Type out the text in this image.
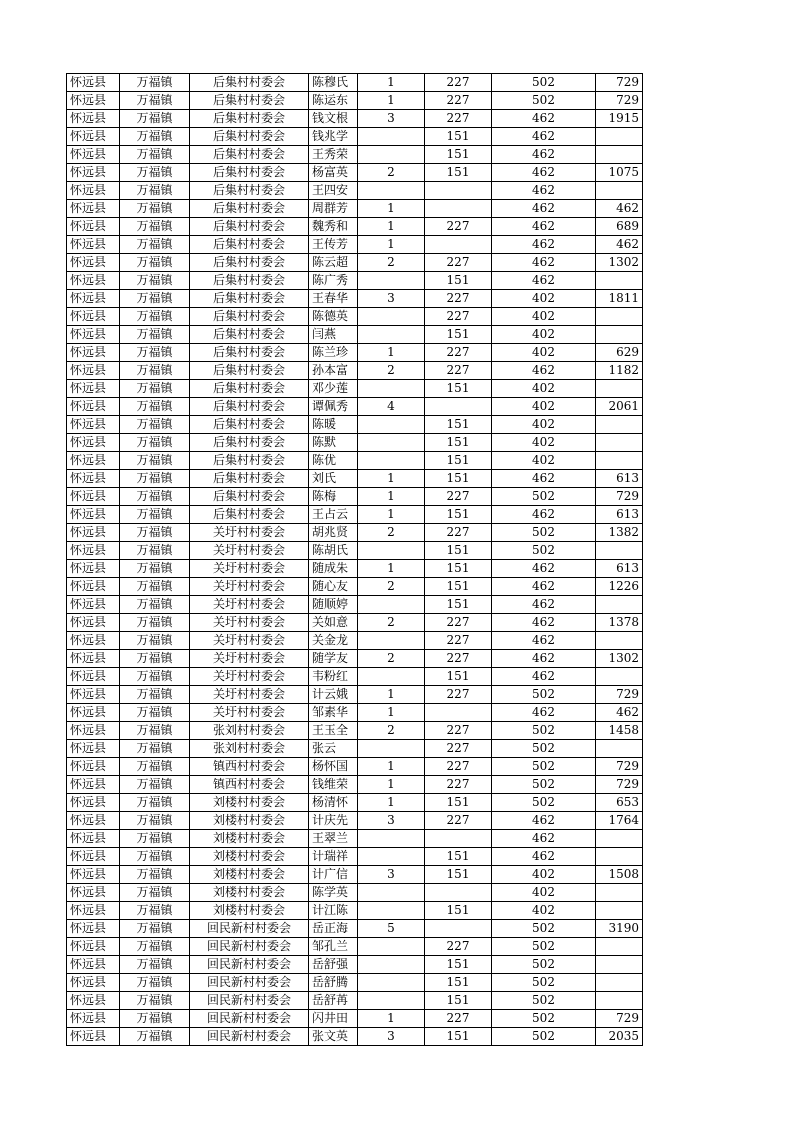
怀远县	万福镇	后集村村委会	陈穆氏	1	227	502	729
怀远县	万福镇	后集村村委会	陈运东	1	227	502	729
怀远县	万福镇	后集村村委会	钱文根	3	227	462	1915
怀远县	万福镇	后集村村委会	钱兆学		151	462	
怀远县	万福镇	后集村村委会	王秀荣		151	462	
怀远县	万福镇	后集村村委会	杨富英	2	151	462	1075
怀远县	万福镇	后集村村委会	王四安			462	
怀远县	万福镇	后集村村委会	周群芳	1		462	462
怀远县	万福镇	后集村村委会	魏秀和	1	227	462	689
怀远县	万福镇	后集村村委会	王传芳	1		462	462
怀远县	万福镇	后集村村委会	陈云超	2	227	462	1302
怀远县	万福镇	后集村村委会	陈广秀		151	462	
怀远县	万福镇	后集村村委会	王春华	3	227	402	1811
怀远县	万福镇	后集村村委会	陈德英		227	402	
怀远县	万福镇	后集村村委会	闫燕		151	402	
怀远县	万福镇	后集村村委会	陈兰珍	1	227	402	629
怀远县	万福镇	后集村村委会	孙本富	2	227	462	1182
怀远县	万福镇	后集村村委会	邓少莲		151	402	
怀远县	万福镇	后集村村委会	谭佩秀	4		402	2061
怀远县	万福镇	后集村村委会	陈暖		151	402	
怀远县	万福镇	后集村村委会	陈默		151	402	
怀远县	万福镇	后集村村委会	陈优		151	402	
怀远县	万福镇	后集村村委会	刘氏	1	151	462	613
怀远县	万福镇	后集村村委会	陈梅	1	227	502	729
怀远县	万福镇	后集村村委会	王占云	1	151	462	613
怀远县	万福镇	关圩村村委会	胡兆贤	2	227	502	1382
怀远县	万福镇	关圩村村委会	陈胡氏		151	502	
怀远县	万福镇	关圩村村委会	随成朱	1	151	462	613
怀远县	万福镇	关圩村村委会	随心友	2	151	462	1226
怀远县	万福镇	关圩村村委会	随顺婷		151	462	
怀远县	万福镇	关圩村村委会	关如意	2	227	462	1378
怀远县	万福镇	关圩村村委会	关金龙		227	462	
怀远县	万福镇	关圩村村委会	随学友	2	227	462	1302
怀远县	万福镇	关圩村村委会	韦粉红		151	462	
怀远县	万福镇	关圩村村委会	计云娥	1	227	502	729
怀远县	万福镇	关圩村村委会	邹素华	1		462	462
怀远县	万福镇	张刘村村委会	王玉全	2	227	502	1458
怀远县	万福镇	张刘村村委会	张云		227	502	
怀远县	万福镇	镇西村村委会	杨怀国	1	227	502	729
怀远县	万福镇	镇西村村委会	钱维荣	1	227	502	729
怀远县	万福镇	刘楼村村委会	杨清怀	1	151	502	653
怀远县	万福镇	刘楼村村委会	计庆先	3	227	462	1764
怀远县	万福镇	刘楼村村委会	王翠兰			462	
怀远县	万福镇	刘楼村村委会	计瑞祥		151	462	
怀远县	万福镇	刘楼村村委会	计广信	3	151	402	1508
怀远县	万福镇	刘楼村村委会	陈学英			402	
怀远县	万福镇	刘楼村村委会	计江陈		151	402	
怀远县	万福镇	回民新村村委会	岳正海	5		502	3190
怀远县	万福镇	回民新村村委会	邹孔兰		227	502	
怀远县	万福镇	回民新村村委会	岳舒强		151	502	
怀远县	万福镇	回民新村村委会	岳舒腾		151	502	
怀远县	万福镇	回民新村村委会	岳舒苒		151	502	
怀远县	万福镇	回民新村村委会	闪井田	1	227	502	729
怀远县	万福镇	回民新村村委会	张文英	3	151	502	2035
